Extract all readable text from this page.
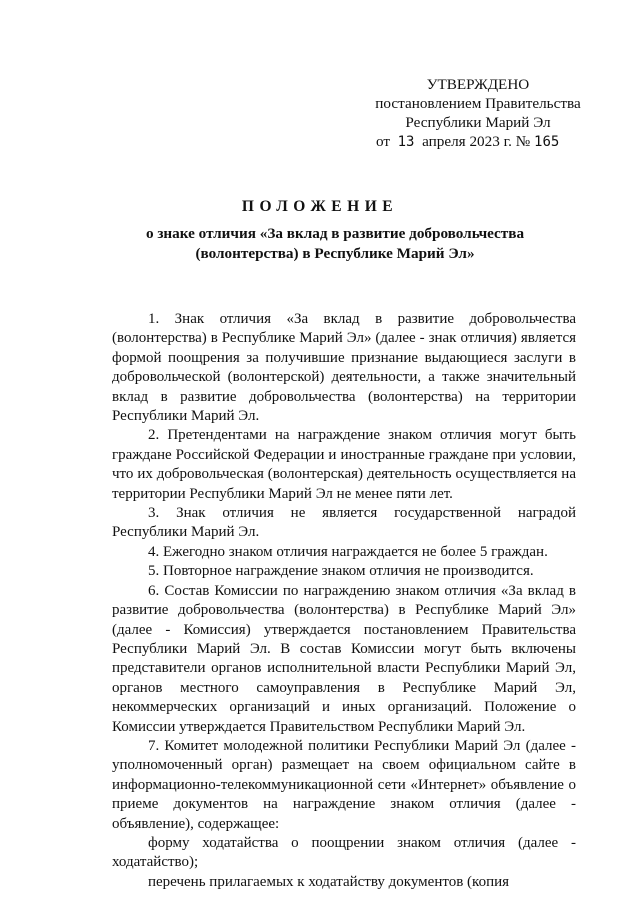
УТВЕРЖДЕНО
постановлением Правительства
Республики Марий Эл
от 13 апреля 2023 г. № 165
ПОЛОЖЕНИЕ
о знаке отличия «За вклад в развитие добровольчества
(волонтерства) в Республике Марий Эл»

1. Знак отличия «За вклад в развитие добровольчества (волонтерства) в Республике Марий Эл» (далее - знак отличия) является формой поощрения за получившие признание выдающиеся заслуги в добровольческой (волонтерской) деятельности, а также значительный вклад в развитие добровольчества (волонтерства) на территории Республики Марий Эл.

2. Претендентами на награждение знаком отличия могут быть граждане Российской Федерации и иностранные граждане при условии, что их добровольческая (волонтерская) деятельность осуществляется на территории Республики Марий Эл не менее пяти лет.

3. Знак отличия не является государственной наградой Республики Марий Эл.

4. Ежегодно знаком отличия награждается не более 5 граждан.

5. Повторное награждение знаком отличия не производится.

6. Состав Комиссии по награждению знаком отличия «За вклад в развитие добровольчества (волонтерства) в Республике Марий Эл» (далее - Комиссия) утверждается постановлением Правительства Республики Марий Эл. В состав Комиссии могут быть включены представители органов исполнительной власти Республики Марий Эл, органов местного самоуправления в Республике Марий Эл, некоммерческих организаций и иных организаций. Положение о Комиссии утверждается Правительством Республики Марий Эл.

7. Комитет молодежной политики Республики Марий Эл (далее - уполномоченный орган) размещает на своем официальном сайте в информационно-телекоммуникационной сети «Интернет» объявление о приеме документов на награждение знаком отличия (далее - объявление), содержащее:

форму ходатайства о поощрении знаком отличия (далее - ходатайство);

перечень прилагаемых к ходатайству документов (копия
